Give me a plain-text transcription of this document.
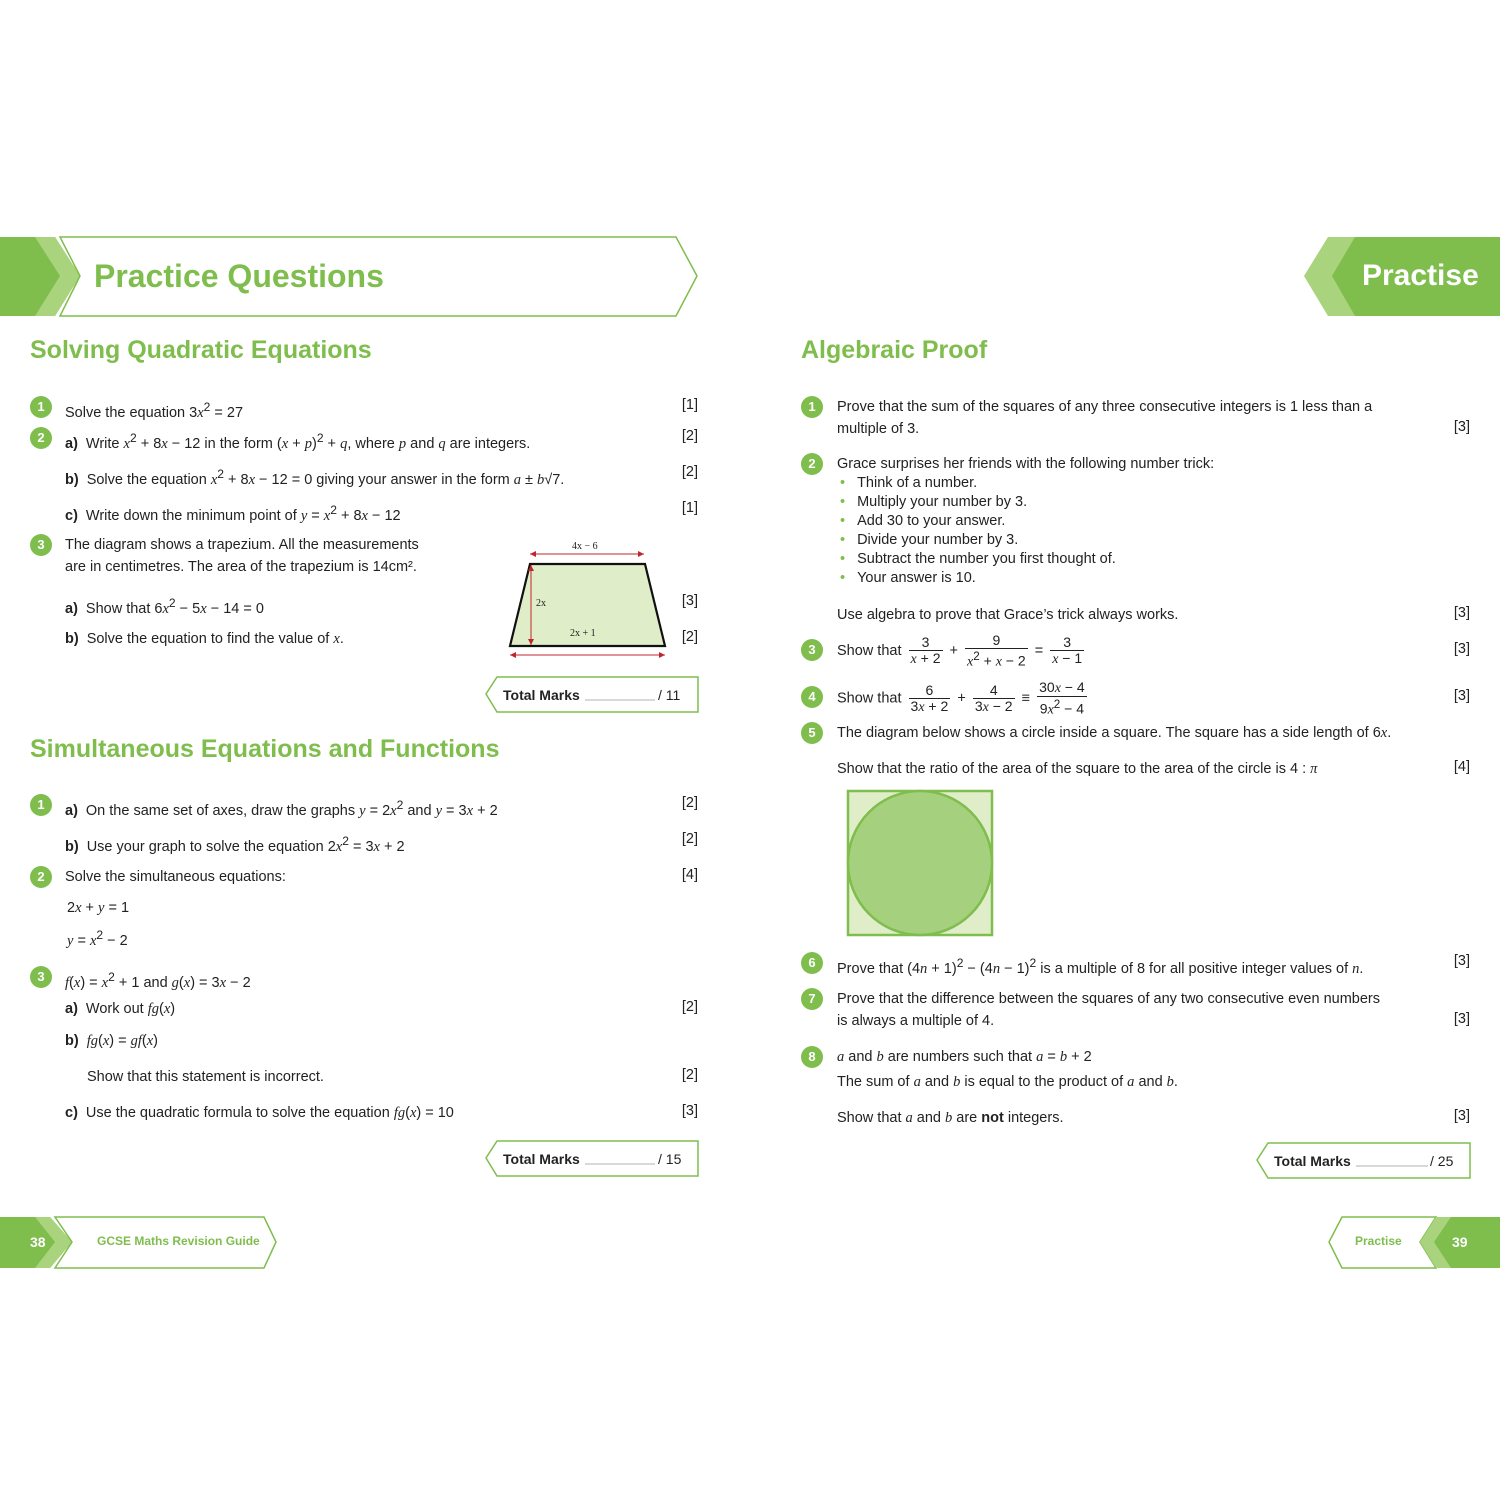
Practice Questions	Practise
Solving Quadratic Equations
1	Solve the equation $3x^2 = 27$	[1]
2	a) Write $x^2 + 8x - 12$ in the form $(x + p)^2 + q$, where p and q are integers.	[2]
b) Solve the equation $x^2 + 8x - 12 = 0$ giving your answer in the form a ± b√7.	[2]
c) Write down the minimum point of $y = x^2 + 8x - 12$	[1]
3	The diagram shows a trapezium. All the measurements
are in centimetres. The area of the trapezium is 14cm².
a) Show that $6x^2 - 5x - 14 = 0$	[3]
b) Solve the equation to find the value of x.	[2]
4x − 6
2x
2x + 1
Total Marks	/ 11
Simultaneous Equations and Functions
1	a) On the same set of axes, draw the graphs $y = 2x^2$ and y = 3x + 2	[2]
b) Use your graph to solve the equation $2x^2 = 3x + 2$	[2]
2	Solve the simultaneous equations:	[4]
2x + y = 1
$y = x^2 - 2$
3	$f(x) = x^2 + 1$ and g(x) = 3x − 2
a) Work out fg(x)	[2]
b) fg(x) = gf(x)
Show that this statement is incorrect.	[2]
c) Use the quadratic formula to solve the equation fg(x) = 10	[3]
Total Marks	/ 15
Algebraic Proof
1	Prove that the sum of the squares of any three consecutive integers is 1 less than a
multiple of 3.	[3]
2	Grace surprises her friends with the following number trick:
• Think of a number.
• Multiply your number by 3.
• Add 30 to your answer.
• Divide your number by 3.
• Subtract the number you first thought of.
• Your answer is 10.
Use algebra to prove that Grace’s trick always works.	[3]
3	Show that $\frac{3}{x + 2} + \frac{9}{x^2 + x - 2} = \frac{3}{x - 1}$	[3]
4	Show that $\frac{6}{3x + 2} + \frac{4}{3x - 2} \equiv \frac{30x - 4}{9x^2 - 4}$	[3]
5	The diagram below shows a circle inside a square. The square has a side length of 6x.
Show that the ratio of the area of the square to the area of the circle is 4 : π	[4]
6	Prove that $(4n + 1)^2 - (4n - 1)^2$ is a multiple of 8 for all positive integer values of n.	[3]
7	Prove that the difference between the squares of any two consecutive even numbers
is always a multiple of 4.	[3]
8	a and b are numbers such that a = b + 2
The sum of a and b is equal to the product of a and b.
Show that a and b are not integers.	[3]
Total Marks	/ 25
38	GCSE Maths Revision Guide	Practise	39
